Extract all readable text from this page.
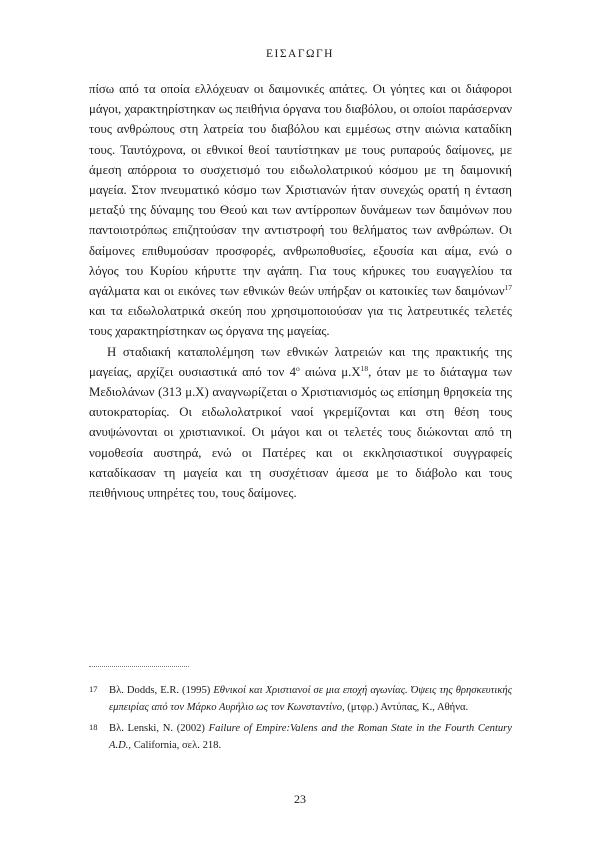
ΕΙΣΑΓΩΓΗ

πίσω από τα οποία ελλόχευαν οι δαιμονικές απάτες. Οι γόητες και οι διάφοροι μάγοι, χαρακτηρίστηκαν ως πειθήνια όργανα του διαβόλου, οι οποίοι παράσερναν τους ανθρώπους στη λατρεία του διαβόλου και εμμέσως στην αιώνια καταδίκη τους. Ταυτόχρονα, οι εθνικοί θεοί ταυτίστηκαν με τους ρυπαρούς δαίμονες, με άμεση απόρροια το συσχετισμό του ειδωλολατρικού κόσμου με τη δαιμονική μαγεία. Στον πνευματικό κόσμο των Χριστιανών ήταν συνεχώς ορατή η ένταση μεταξύ της δύναμης του Θεού και των αντίρροπων δυνάμεων των δαιμόνων που παντοιοτρόπως επιζητούσαν την αντιστροφή του θελήματος των ανθρώπων. Οι δαίμονες επιθυμούσαν προσφορές, ανθρωποθυσίες, εξουσία και αίμα, ενώ ο λόγος του Κυρίου κήρυττε την αγάπη. Για τους κήρυκες του ευαγγελίου τα αγάλματα και οι εικόνες των εθνικών θεών υπήρξαν οι κατοικίες των δαιμόνων$^{17}$ και τα ειδωλολατρικά σκεύη που χρησιμοποιούσαν για τις λατρευτικές τελετές τους χαρακτηρίστηκαν ως όργανα της μαγείας.

Η σταδιακή καταπολέμηση των εθνικών λατρειών και της πρακτικής της μαγείας, αρχίζει ουσιαστικά από τον $4^o$ αιώνα $\mu.X^{18}$, όταν με το διάταγμα των Μεδιολάνων (313 μ.Χ) αναγνωρίζεται ο Χριστιανισμός ως επίσημη θρησκεία της αυτοκρατορίας. Οι ειδωλολατρικοί ναοί γκρεμίζονται και στη θέση τους ανυψώνονται οι χριστιανικοί. Οι μάγοι και οι τελετές τους διώκονται από τη νομοθεσία αυστηρά, ενώ οι Πατέρες και οι εκκλησιαστικοί συγγραφείς καταδίκασαν τη μαγεία και τη συσχέτισαν άμεσα με το διάβολο και τους πειθήνιους υπηρέτες του, τους δαίμονες.

17	Βλ. Dodds, E.R. (1995) Εθνικοί και Χριστιανοί σε μια εποχή αγωνίας. Όψεις της θρησκευτικής εμπειρίας από τον Μάρκο Αυρήλιο ως τον Κωνσταντίνο, (μτφρ.) Αντύπας, Κ., Αθήνα.
18	Βλ. Lenski, N. (2002) Failure of Empire:Valens and the Roman State in the Fourth Century A.D., California, σελ. 218.
23
